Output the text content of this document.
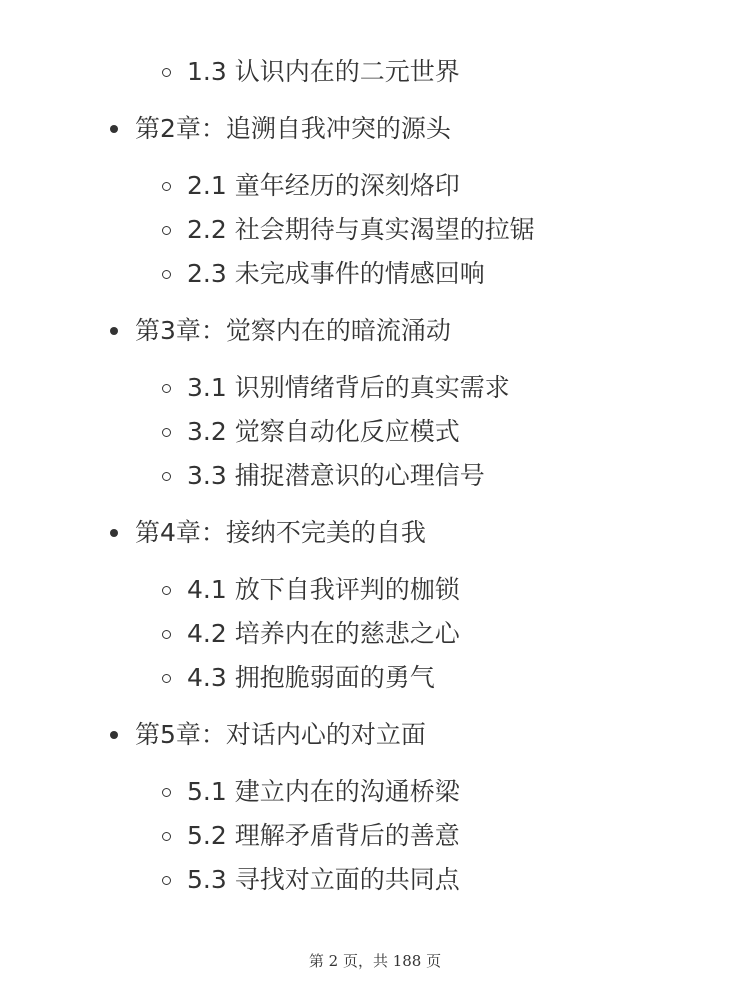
1.3 认识内在的二元世界
第2章：追溯自我冲突的源头
2.1 童年经历的深刻烙印
2.2 社会期待与真实渴望的拉锯
2.3 未完成事件的情感回响
第3章：觉察内在的暗流涌动
3.1 识别情绪背后的真实需求
3.2 觉察自动化反应模式
3.3 捕捉潜意识的心理信号
第4章：接纳不完美的自我
4.1 放下自我评判的枷锁
4.2 培养内在的慈悲之心
4.3 拥抱脆弱面的勇气
第5章：对话内心的对立面
5.1 建立内在的沟通桥梁
5.2 理解矛盾背后的善意
5.3 寻找对立面的共同点
第 2 页，共 188 页
